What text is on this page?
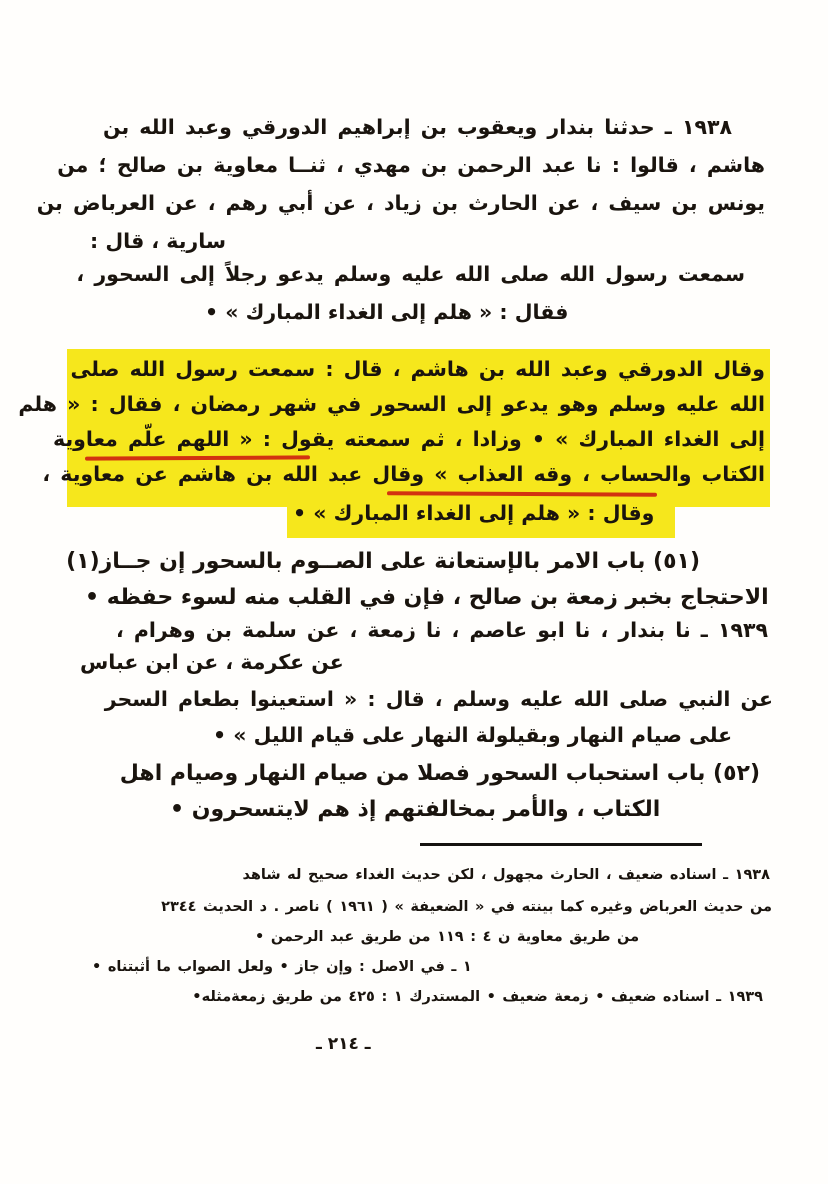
١٩٣٨ ـ حدثنا بندار ويعقوب بن إبراهيم الدورقي وعبد الله بن
هاشم ، قالوا : نا عبد الرحمن بن مهدي ، ثنــا معاوية بن صالح ؛ من
يونس بن سيف ، عن الحارث بن زياد ، عن أبي رهم ، عن العرباض بن
سارية ، قال :
سمعت رسول الله صلى الله عليه وسلم يدعو رجلاً إلى السحور ،
فقال : « هلم إلى الغداء المبارك » •
وقال الدورقي وعبد الله بن هاشم ، قال : سمعت رسول الله صلى
الله عليه وسلم وهو يدعو إلى السحور في شهر رمضان ، فقال : « هلم
إلى الغداء المبارك » • وزادا ، ثم سمعته يقول : « اللهم علّم معاوية
الكتاب والحساب ، وقه العذاب » وقال عبد الله بن هاشم عن معاوية ،
وقال : « هلم إلى الغداء المبارك » •
(٥١) باب الامر بالإستعانة على الصــوم بالسحور إن جــاز(١)
الاحتجاج بخبر زمعة بن صالح ، فإن في القلب منه لسوء حفظه •
١٩٣٩ ـ نا بندار ، نا ابو عاصم ، نا زمعة ، عن سلمة بن وهرام ،
عن عكرمة ، عن ابن عباس
عن النبي صلى الله عليه وسلم ، قال : « استعينوا بطعام السحر
على صيام النهار وبقيلولة النهار على قيام الليل » •
(٥٢) باب استحباب السحور فصلا من صيام النهار وصيام اهل
الكتاب ، والأمر بمخالفتهم إذ هم لايتسحرون •
١٩٣٨ ـ اسناده ضعيف ، الحارث مجهول ، لكن حديث الغداء صحيح له شاهد
من حديث العرباض وغيره كما بينته في « الضعيفة » ( ١٩٦١ ) ناصر . د الحديث ٢٣٤٤
من طريق معاوية ن ٤ : ١١٩ من طريق عبد الرحمن •
١ ـ في الاصل : وإن جاز • ولعل الصواب ما أثبتناه •
١٩٣٩ ـ اسناده ضعيف • زمعة ضعيف • المستدرك ١ : ٤٢٥ من طريق زمعةمثله•
ـ ٢١٤ ـ
